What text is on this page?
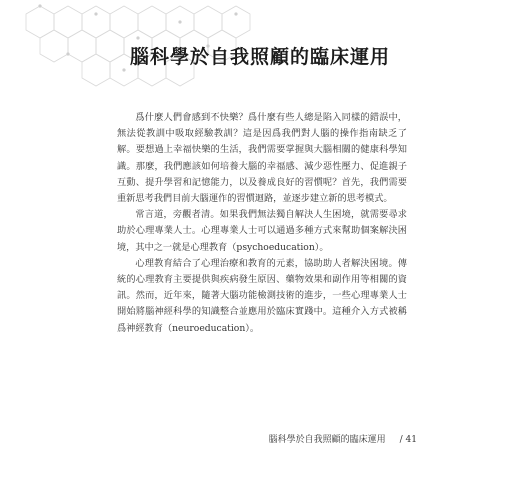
腦科學於自我照顧的臨床運用

爲什麼人們會感到不快樂？爲什麼有些人總是陷入同樣的錯誤中，無法從教訓中吸取經驗教訓？這是因爲我們對人腦的操作指南缺乏了解。要想過上幸福快樂的生活，我們需要掌握與大腦相關的健康科學知識。那麼，我們應該如何培養大腦的幸福感、減少惡性壓力、促進親子互動、提升學習和記憶能力，以及養成良好的習慣呢？首先，我們需要重新思考我們目前大腦運作的習慣迴路，並逐步建立新的思考模式。

常言道，旁觀者清。如果我們無法獨自解決人生困境，就需要尋求助於心理專業人士。心理專業人士可以通過多種方式來幫助個案解決困境，其中之一就是心理教育（psychoeducation）。

心理教育結合了心理治療和教育的元素，協助助人者解決困境。傳統的心理教育主要提供與疾病發生原因、藥物效果和副作用等相關的資訊。然而，近年來，隨著大腦功能檢測技術的進步，一些心理專業人士開始將腦神經科學的知識整合並應用於臨床實踐中。這種介入方式被稱爲神經教育（neuroeducation）。

腦科學於自我照顧的臨床運用 / 41
